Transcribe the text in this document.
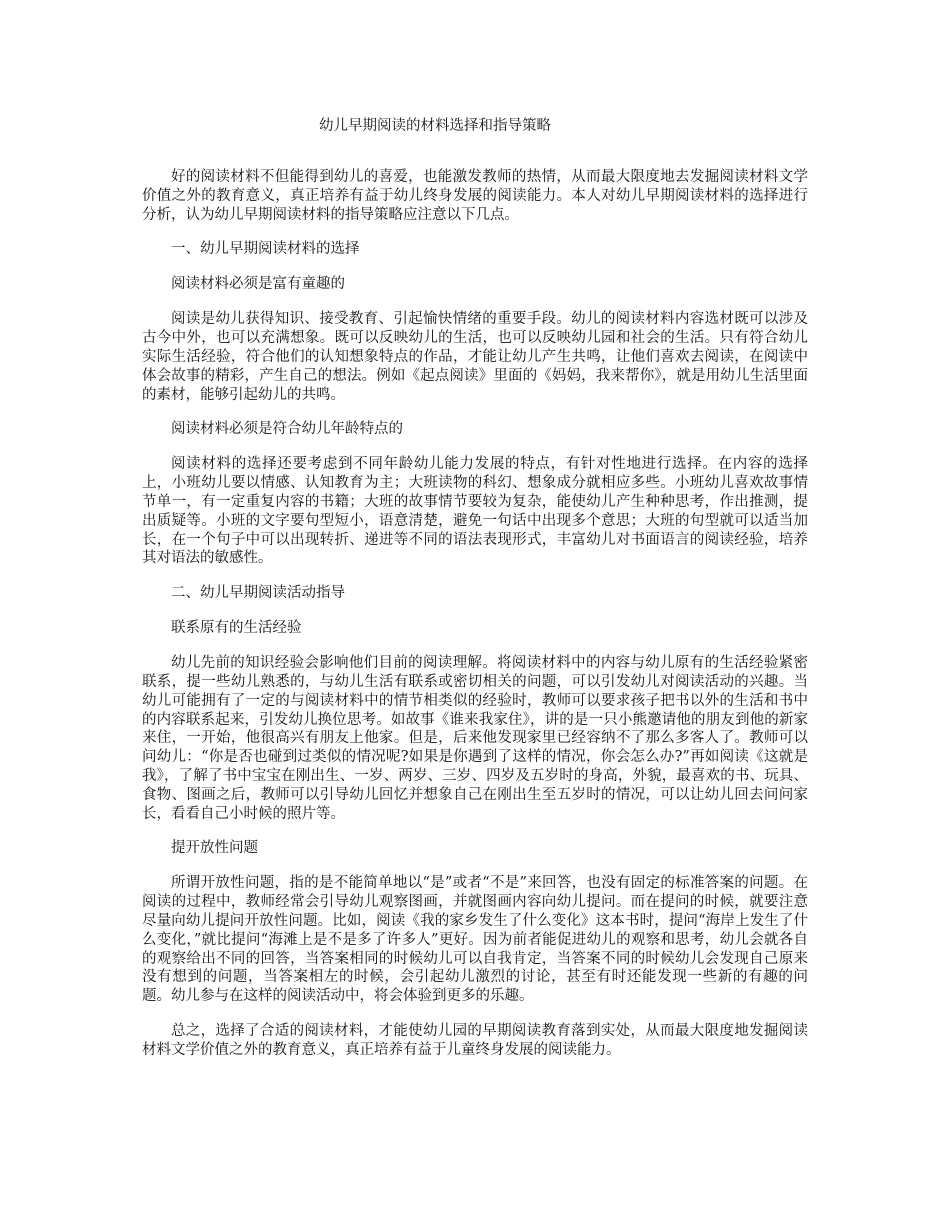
幼儿早期阅读的材料选择和指导策略

好的阅读材料不但能得到幼儿的喜爱，也能激发教师的热情，从而最大限度地去发掘阅读材料文学价值之外的教育意义，真正培养有益于幼儿终身发展的阅读能力。本人对幼儿早期阅读材料的选择进行分析，认为幼儿早期阅读材料的指导策略应注意以下几点。

一、幼儿早期阅读材料的选择

阅读材料必须是富有童趣的

阅读是幼儿获得知识、接受教育、引起愉快情绪的重要手段。幼儿的阅读材料内容选材既可以涉及古今中外，也可以充满想象。既可以反映幼儿的生活，也可以反映幼儿园和社会的生活。只有符合幼儿实际生活经验，符合他们的认知想象特点的作品，才能让幼儿产生共鸣，让他们喜欢去阅读，在阅读中体会故事的精彩，产生自己的想法。例如《起点阅读》里面的《妈妈，我来帮你》，就是用幼儿生活里面的素材，能够引起幼儿的共鸣。

阅读材料必须是符合幼儿年龄特点的

阅读材料的选择还要考虑到不同年龄幼儿能力发展的特点，有针对性地进行选择。在内容的选择上，小班幼儿要以情感、认知教育为主；大班读物的科幻、想象成分就相应多些。小班幼儿喜欢故事情节单一，有一定重复内容的书籍；大班的故事情节要较为复杂，能使幼儿产生种种思考，作出推测，提出质疑等。小班的文字要句型短小，语意清楚，避免一句话中出现多个意思；大班的句型就可以适当加长，在一个句子中可以出现转折、递进等不同的语法表现形式，丰富幼儿对书面语言的阅读经验，培养其对语法的敏感性。

二、幼儿早期阅读活动指导

联系原有的生活经验

幼儿先前的知识经验会影响他们目前的阅读理解。将阅读材料中的内容与幼儿原有的生活经验紧密联系，提一些幼儿熟悉的，与幼儿生活有联系或密切相关的问题，可以引发幼儿对阅读活动的兴趣。当幼儿可能拥有了一定的与阅读材料中的情节相类似的经验时，教师可以要求孩子把书以外的生活和书中的内容联系起来，引发幼儿换位思考。如故事《谁来我家住》，讲的是一只小熊邀请他的朋友到他的新家来住，一开始，他很高兴有朋友上他家。但是，后来他发现家里已经容纳不了那么多客人了。教师可以问幼儿：“你是否也碰到过类似的情况呢?如果是你遇到了这样的情况，你会怎么办?”再如阅读《这就是我》，了解了书中宝宝在刚出生、一岁、两岁、三岁、四岁及五岁时的身高，外貌，最喜欢的书、玩具、食物、图画之后，教师可以引导幼儿回忆并想象自己在刚出生至五岁时的情况，可以让幼儿回去问问家长，看看自己小时候的照片等。

提开放性问题

所谓开放性问题，指的是不能简单地以“是”或者“不是”来回答，也没有固定的标准答案的问题。在阅读的过程中，教师经常会引导幼儿观察图画，并就图画内容向幼儿提问。而在提问的时候，就要注意尽量向幼儿提问开放性问题。比如，阅读《我的家乡发生了什么变化》这本书时，提问“海岸上发生了什么变化，”就比提问“海滩上是不是多了许多人”更好。因为前者能促进幼儿的观察和思考，幼儿会就各自的观察给出不同的回答，当答案相同的时候幼儿可以自我肯定，当答案不同的时候幼儿会发现自己原来没有想到的问题，当答案相左的时候，会引起幼儿激烈的讨论，甚至有时还能发现一些新的有趣的问题。幼儿参与在这样的阅读活动中，将会体验到更多的乐趣。

总之，选择了合适的阅读材料，才能使幼儿园的早期阅读教育落到实处，从而最大限度地发掘阅读材料文学价值之外的教育意义，真正培养有益于儿童终身发展的阅读能力。
